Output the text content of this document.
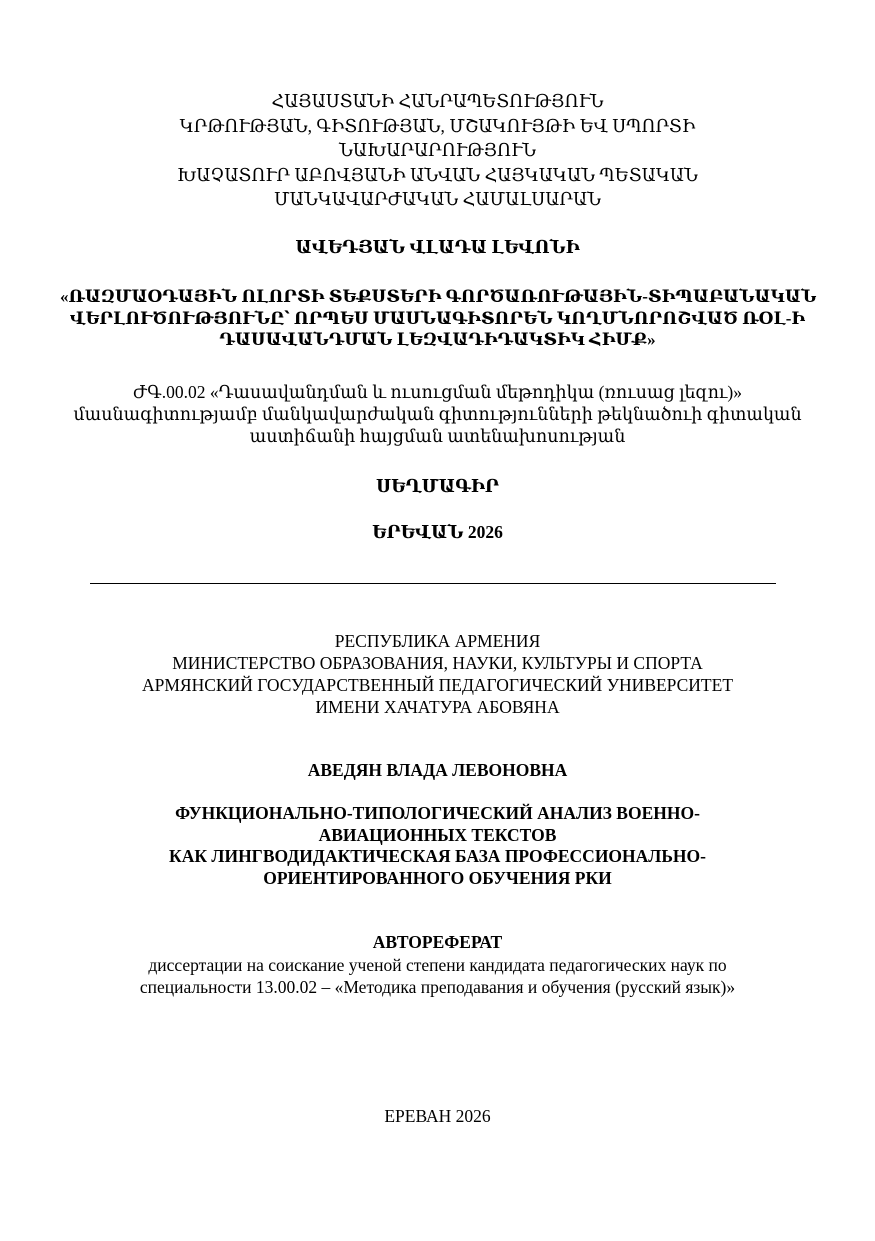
ՀԱՅԱՍՏԱՆԻ ՀԱՆՐԱՊԵՏՈՒԹՅՈՒՆ
ԿՐԹՈՒԹՅԱՆ, ԳԻՏՈՒԹՅԱՆ, ՄՇԱԿՈՒՅԹԻ ԵՎ ՍՊՈՐՏԻ
ՆԱԽԱՐԱՐՈՒԹՅՈՒՆ
ԽԱՉԱՏՈՒՐ ԱԲՈՎՅԱՆԻ ԱՆՎԱՆ ՀԱՅԿԱԿԱՆ ՊԵՏԱԿԱՆ
ՄԱՆԿԱՎԱՐԺԱԿԱՆ ՀԱՄԱԼՍԱՐԱՆ
ԱՎԵԴՅԱՆ ՎԼԱԴԱ ԼԵՎՈՆԻ
«ՌԱԶՄԱՕԴԱՅԻՆ ՈԼՈՐՏԻ ՏԵՔՍՏԵՐԻ ԳՈՐԾԱՌՈՒԹԱՅԻՆ-ՏԻՊԱԲԱՆԱԿԱՆ
ՎԵՐԼՈՒԾՈՒԹՅՈՒՆԸ՝ ՈՐՊԵՍ ՄԱՍՆԱԳԻՏՈՐԵՆ ԿՈՂՄՆՈՐՈՇՎԱԾ ՌՕԼ-Ի
ԴԱՍԱՎԱՆԴՄԱՆ ԼԵԶՎԱԴԻԴԱԿՏԻԿ ՀԻՄՔ»
ԺԳ.00.02 «Դասավանդման և ուսուցման մեթոդիկա (ռուսաց լեզու)»
մասնագիտությամբ մանկավարժական գիտությունների թեկնածուի գիտական
աստիճանի հայցման ատենախոսության
ՍԵՂՄԱԳԻՐ
ԵՐԵՎԱՆ 2026
РЕСПУБЛИКА АРМЕНИЯ
МИНИСТЕРСТВО ОБРАЗОВАНИЯ, НАУКИ, КУЛЬТУРЫ И СПОРТА
АРМЯНСКИЙ ГОСУДАРСТВЕННЫЙ ПЕДАГОГИЧЕСКИЙ УНИВЕРСИТЕТ
ИМЕНИ ХАЧАТУРА АБОВЯНА
АВЕДЯН ВЛАДА ЛЕВОНОВНА
ФУНКЦИОНАЛЬНО-ТИПОЛОГИЧЕСКИЙ АНАЛИЗ ВОЕННО-
АВИАЦИОННЫХ ТЕКСТОВ
КАК ЛИНГВОДИДАКТИЧЕСКАЯ БАЗА ПРОФЕССИОНАЛЬНО-
ОРИЕНТИРОВАННОГО ОБУЧЕНИЯ РКИ
АВТОРЕФЕРАТ
диссертации на соискание ученой степени кандидата педагогических наук по
специальности 13.00.02 – «Методика преподавания и обучения (русский язык)»
ЕРЕВАН 2026
